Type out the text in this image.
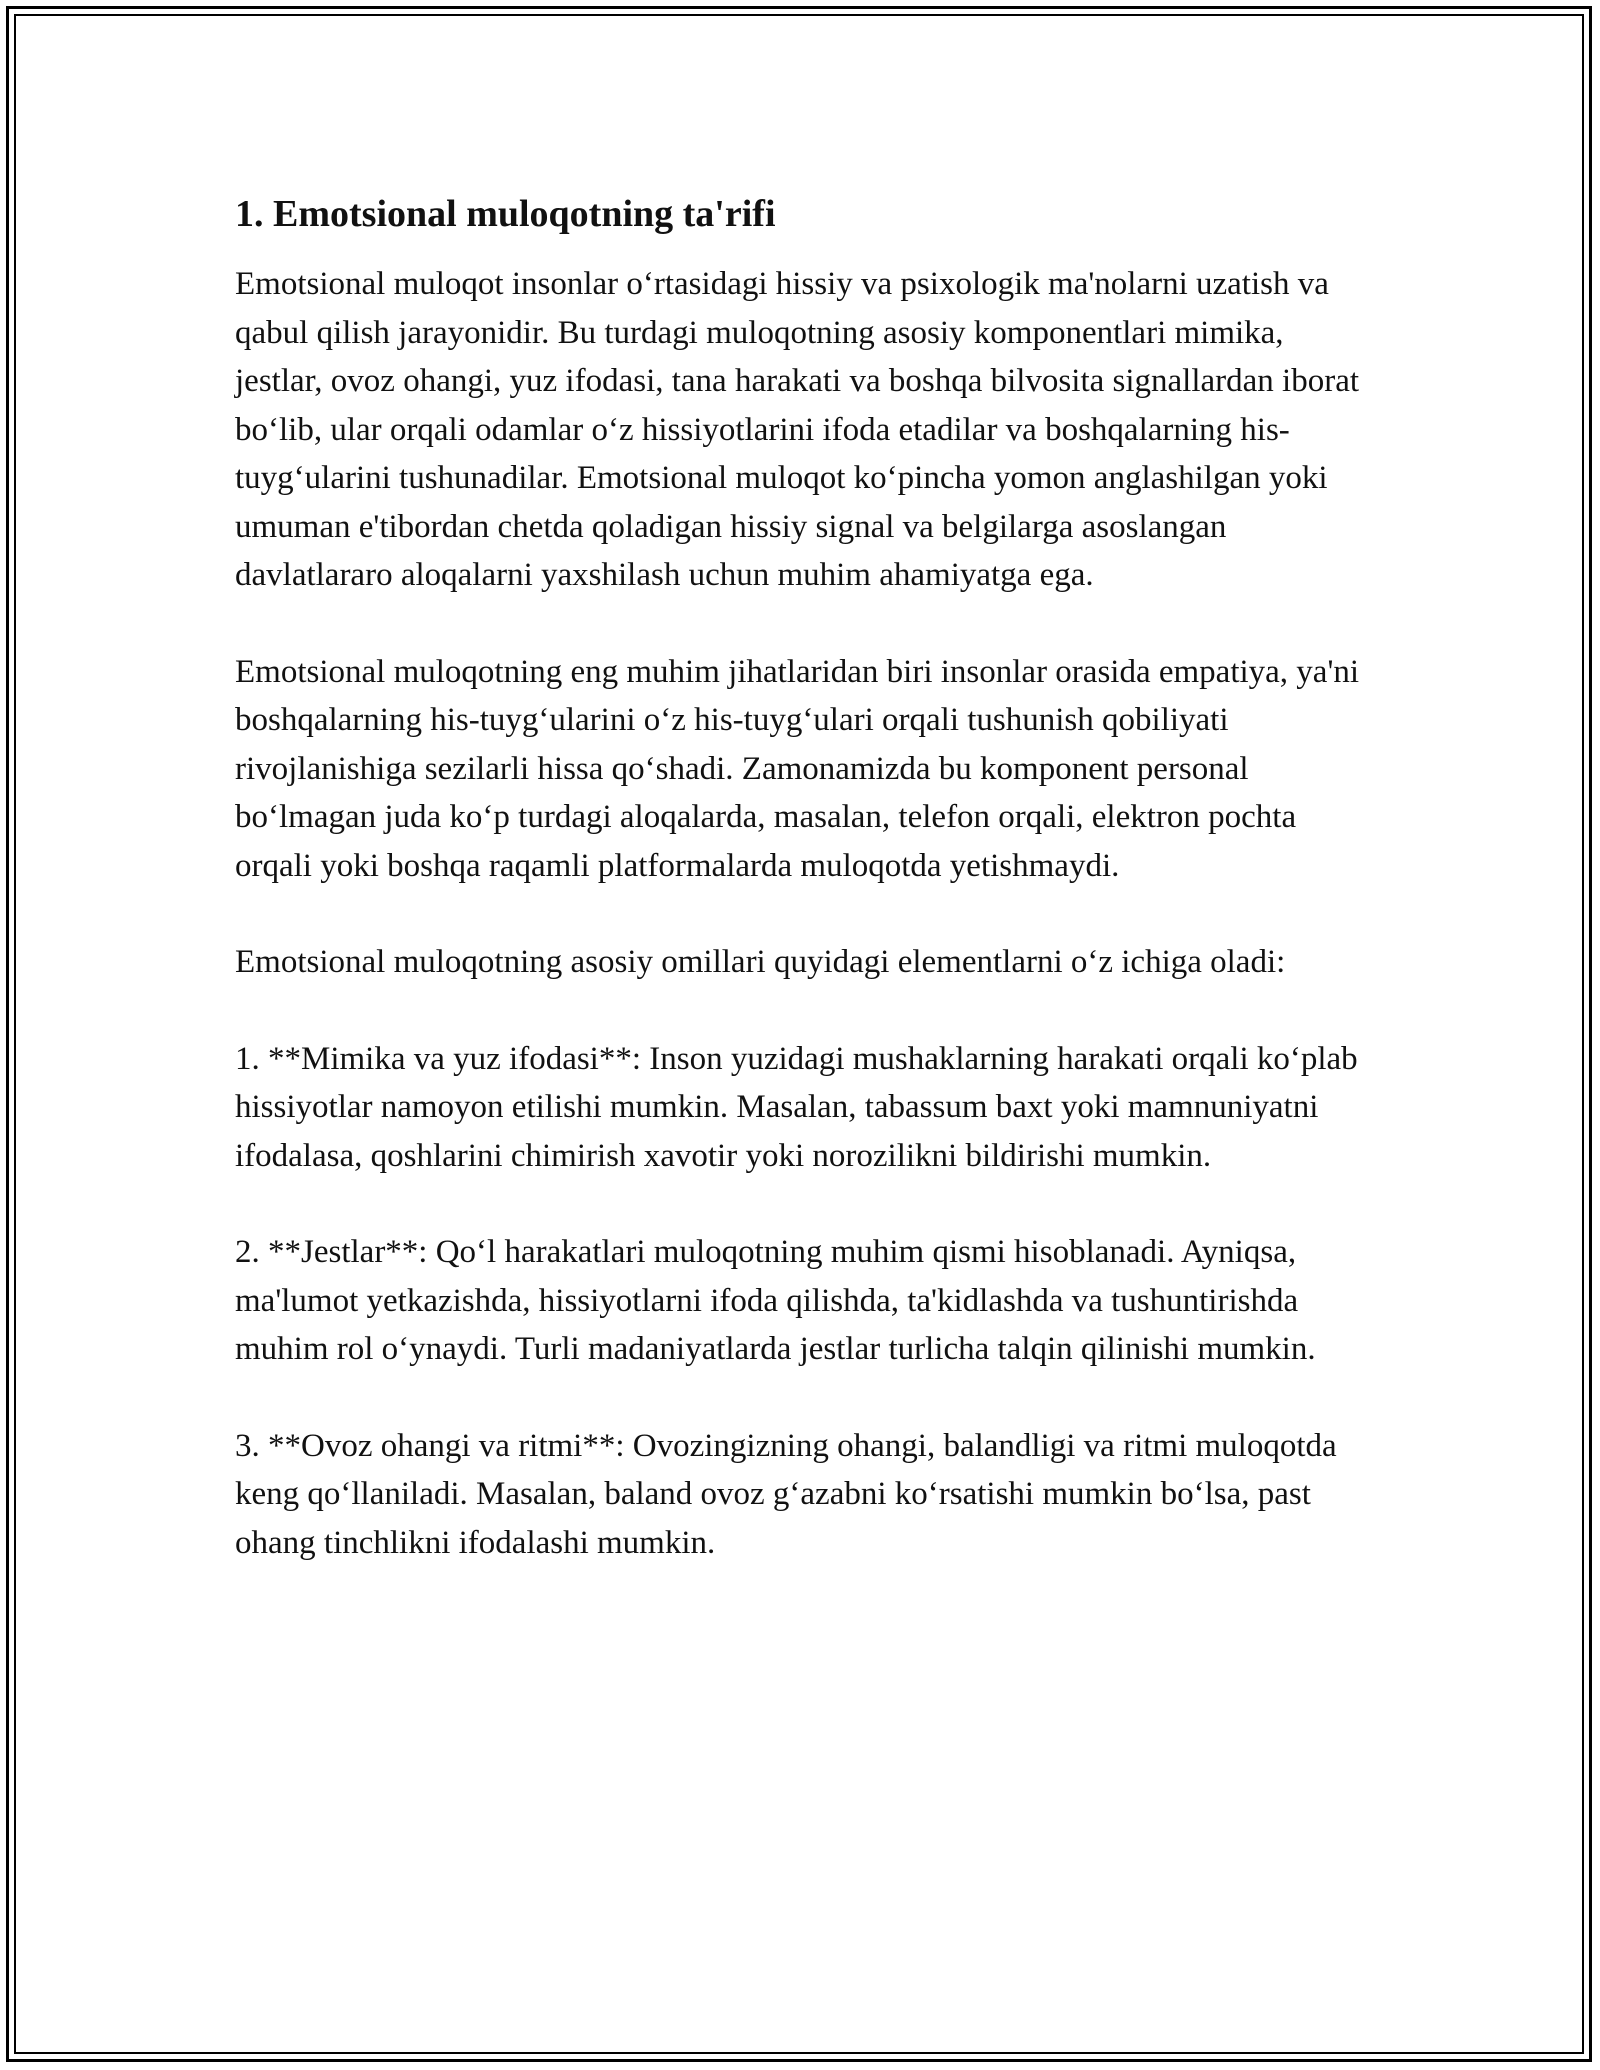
1. Emotsional muloqotning ta'rifi

Emotsional muloqot insonlar o‘rtasidagi hissiy va psixologik ma'nolarni uzatish va qabul qilish jarayonidir. Bu turdagi muloqotning asosiy komponentlari mimika, jestlar, ovoz ohangi, yuz ifodasi, tana harakati va boshqa bilvosita signallardan iborat bo‘lib, ular orqali odamlar o‘z hissiyotlarini ifoda etadilar va boshqalarning his-tuyg‘ularini tushunadilar. Emotsional muloqot ko‘pincha yomon anglashilgan yoki umuman e'tibordan chetda qoladigan hissiy signal va belgilarga asoslangan davlatlararo aloqalarni yaxshilash uchun muhim ahamiyatga ega.

Emotsional muloqotning eng muhim jihatlaridan biri insonlar orasida empatiya, ya'ni boshqalarning his-tuyg‘ularini o‘z his-tuyg‘ulari orqali tushunish qobiliyati rivojlanishiga sezilarli hissa qo‘shadi. Zamonamizda bu komponent personal bo‘lmagan juda ko‘p turdagi aloqalarda, masalan, telefon orqali, elektron pochta orqali yoki boshqa raqamli platformalarda muloqotda yetishmaydi.

Emotsional muloqotning asosiy omillari quyidagi elementlarni o‘z ichiga oladi:

1. **Mimika va yuz ifodasi**: Inson yuzidagi mushaklarning harakati orqali ko‘plab hissiyotlar namoyon etilishi mumkin. Masalan, tabassum baxt yoki mamnuniyatni ifodalasa, qoshlarini chimirish xavotir yoki norozilikni bildirishi mumkin.

2. **Jestlar**: Qo‘l harakatlari muloqotning muhim qismi hisoblanadi. Ayniqsa, ma'lumot yetkazishda, hissiyotlarni ifoda qilishda, ta'kidlashda va tushuntirishda muhim rol o‘ynaydi. Turli madaniyatlarda jestlar turlicha talqin qilinishi mumkin.

3. **Ovoz ohangi va ritmi**: Ovozingizning ohangi, balandligi va ritmi muloqotda keng qo‘llaniladi. Masalan, baland ovoz g‘azabni ko‘rsatishi mumkin bo‘lsa, past ohang tinchlikni ifodalashi mumkin.
